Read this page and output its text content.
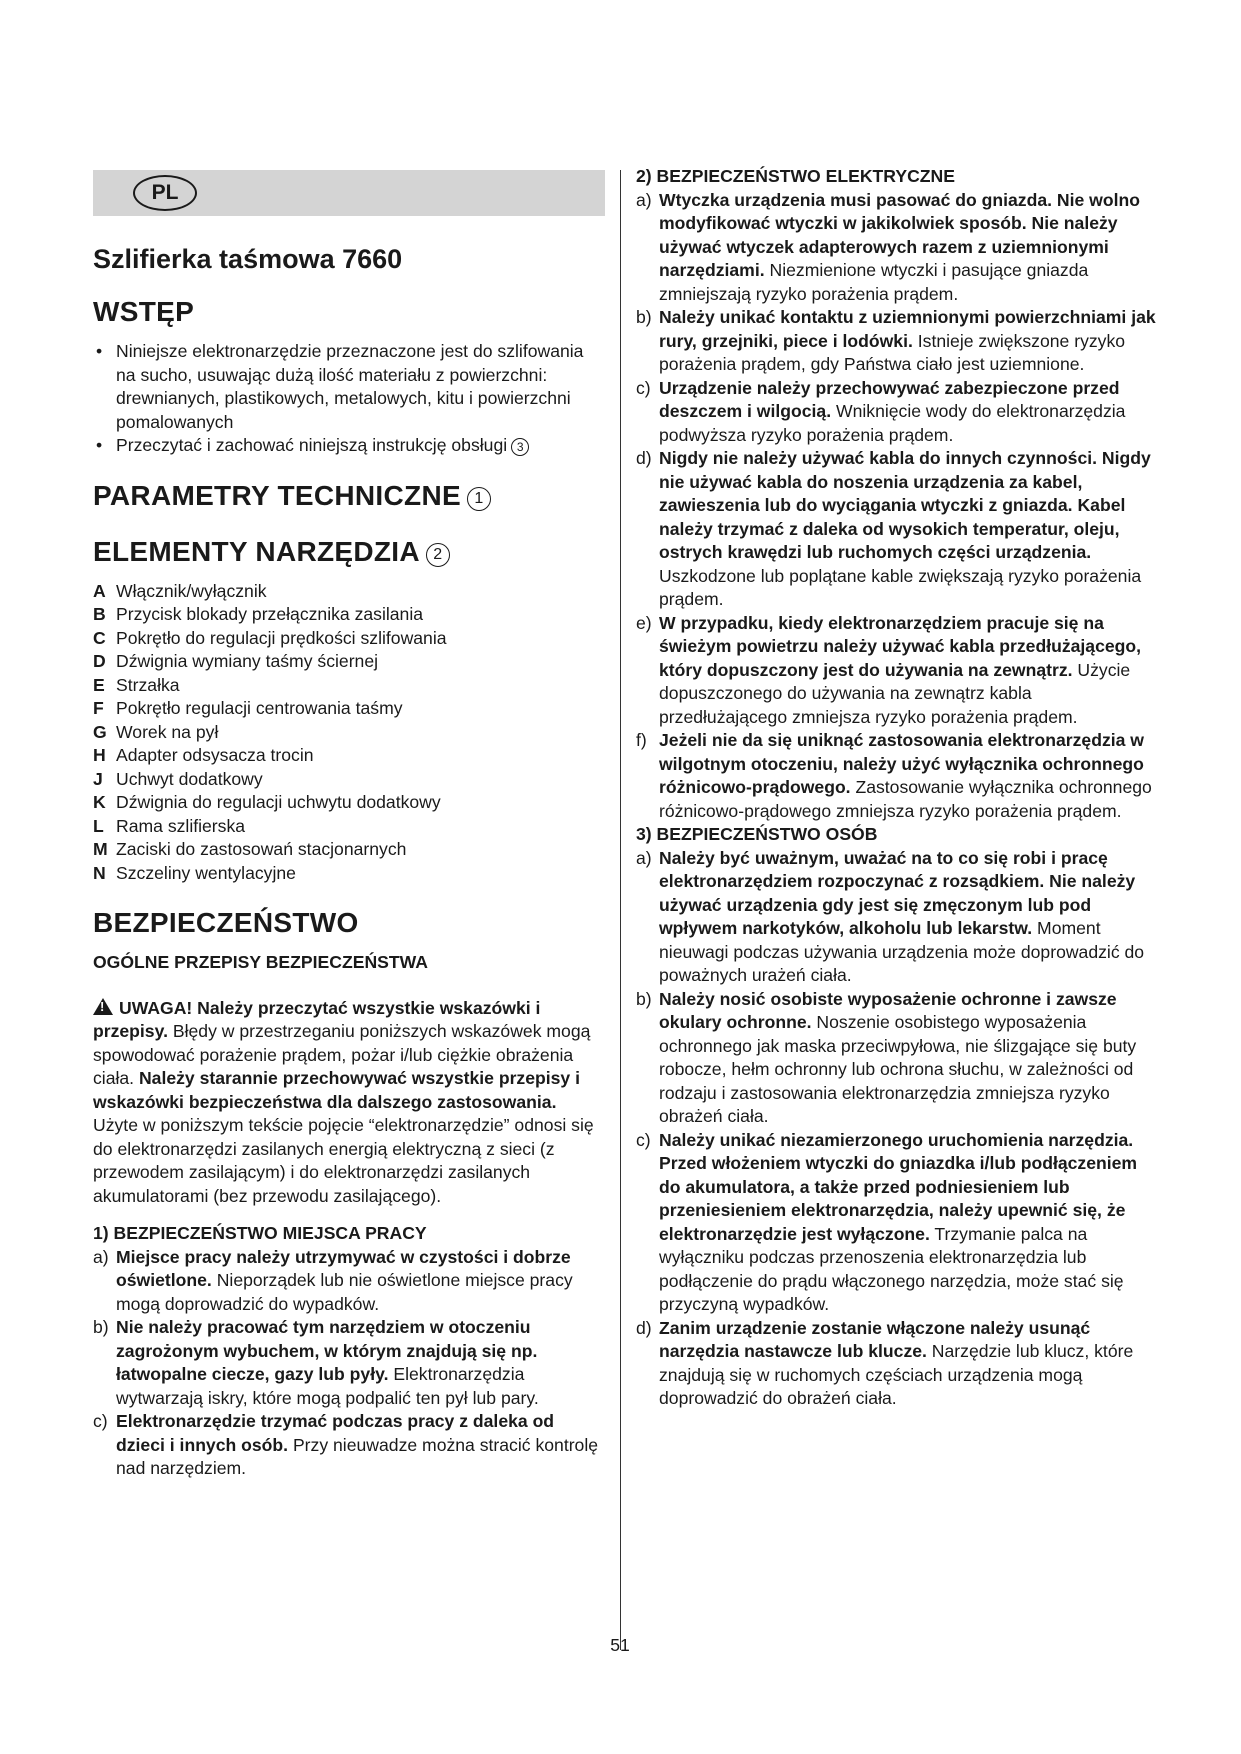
PL
Szlifierka taśmowa 7660
WSTĘP
• Niniejsze elektronarzędzie przeznaczone jest do szlifowania na sucho, usuwając dużą ilość materiału z powierzchni: drewnianych, plastikowych, metalowych, kitu i powierzchni pomalowanych
• Przeczytać i zachować niniejszą instrukcję obsługi 3
PARAMETRY TECHNICZNE 1
ELEMENTY NARZĘDZIA 2
A Włącznik/wyłącznik
B Przycisk blokady przełącznika zasilania
C Pokrętło do regulacji prędkości szlifowania
D Dźwignia wymiany taśmy ściernej
E Strzałka
F Pokrętło regulacji centrowania taśmy
G Worek na pył
H Adapter odsysacza trocin
J Uchwyt dodatkowy
K Dźwignia do regulacji uchwytu dodatkowy
L Rama szlifierska
M Zaciski do zastosowań stacjonarnych
N Szczeliny wentylacyjne
BEZPIECZEŃSTWO
OGÓLNE PRZEPISY BEZPIECZEŃSTWA

!UWAGA! Należy przeczytać wszystkie wskazówki i przepisy. Błędy w przestrzeganiu poniższych wskazówek mogą spowodować porażenie prądem, pożar i/lub ciężkie obrażenia ciała. Należy starannie przechowywać wszystkie przepisy i wskazówki bezpieczeństwa dla dalszego zastosowania. Użyte w poniższym tekście pojęcie “elektronarzędzie” odnosi się do elektronarzędzi zasilanych energią elektryczną z sieci (z przewodem zasilającym) i do elektronarzędzi zasilanych akumulatorami (bez przewodu zasilającego).

1) BEZPIECZEŃSTWO MIEJSCA PRACY
a) Miejsce pracy należy utrzymywać w czystości i dobrze oświetlone. Nieporządek lub nie oświetlone miejsce pracy mogą doprowadzić do wypadków.
b) Nie należy pracować tym narzędziem w otoczeniu zagrożonym wybuchem, w którym znajdują się np. łatwopalne ciecze, gazy lub pyły. Elektronarzędzia wytwarzają iskry, które mogą podpalić ten pył lub pary.
c) Elektronarzędzie trzymać podczas pracy z daleka od dzieci i innych osób. Przy nieuwadze można stracić kontrolę nad narzędziem.
2) BEZPIECZEŃSTWO ELEKTRYCZNE
a) Wtyczka urządzenia musi pasować do gniazda. Nie wolno modyfikować wtyczki w jakikolwiek sposób. Nie należy używać wtyczek adapterowych razem z uziemnionymi narzędziami. Niezmienione wtyczki i pasujące gniazda zmniejszają ryzyko porażenia prądem.
b) Należy unikać kontaktu z uziemnionymi powierzchniami jak rury, grzejniki, piece i lodówki. Istnieje zwiększone ryzyko porażenia prądem, gdy Państwa ciało jest uziemnione.
c) Urządzenie należy przechowywać zabezpieczone przed deszczem i wilgocią. Wniknięcie wody do elektronarzędzia podwyższa ryzyko porażenia prądem.
d) Nigdy nie należy używać kabla do innych czynności. Nigdy nie używać kabla do noszenia urządzenia za kabel, zawieszenia lub do wyciągania wtyczki z gniazda. Kabel należy trzymać z daleka od wysokich temperatur, oleju, ostrych krawędzi lub ruchomych części urządzenia. Uszkodzone lub poplątane kable zwiększają ryzyko porażenia prądem.
e) W przypadku, kiedy elektronarzędziem pracuje się na świeżym powietrzu należy używać kabla przedłużającego, który dopuszczony jest do używania na zewnątrz. Użycie dopuszczonego do używania na zewnątrz kabla przedłużającego zmniejsza ryzyko porażenia prądem.
f) Jeżeli nie da się uniknąć zastosowania elektronarzędzia w wilgotnym otoczeniu, należy użyć wyłącznika ochronnego różnicowo-prądowego. Zastosowanie wyłącznika ochronnego różnicowo-prądowego zmniejsza ryzyko porażenia prądem.
3) BEZPIECZEŃSTWO OSÓB
a) Należy być uważnym, uważać na to co się robi i pracę elektronarzędziem rozpoczynać z rozsądkiem. Nie należy używać urządzenia gdy jest się zmęczonym lub pod wpływem narkotyków, alkoholu lub lekarstw. Moment nieuwagi podczas używania urządzenia może doprowadzić do poważnych urażeń ciała.
b) Należy nosić osobiste wyposażenie ochronne i zawsze okulary ochronne. Noszenie osobistego wyposażenia ochronnego jak maska przeciwpyłowa, nie ślizgające się buty robocze, hełm ochronny lub ochrona słuchu, w zależności od rodzaju i zastosowania elektronarzędzia zmniejsza ryzyko obrażeń ciała.
c) Należy unikać niezamierzonego uruchomienia narzędzia. Przed włożeniem wtyczki do gniazdka i/lub podłączeniem do akumulatora, a także przed podniesieniem lub przeniesieniem elektronarzędzia, należy upewnić się, że elektronarzędzie jest wyłączone. Trzymanie palca na wyłączniku podczas przenoszenia elektronarzędzia lub podłączenie do prądu włączonego narzędzia, może stać się przyczyną wypadków.
d) Zanim urządzenie zostanie włączone należy usunąć narzędzia nastawcze lub klucze. Narzędzie lub klucz, które znajdują się w ruchomych częściach urządzenia mogą doprowadzić do obrażeń ciała.
51
